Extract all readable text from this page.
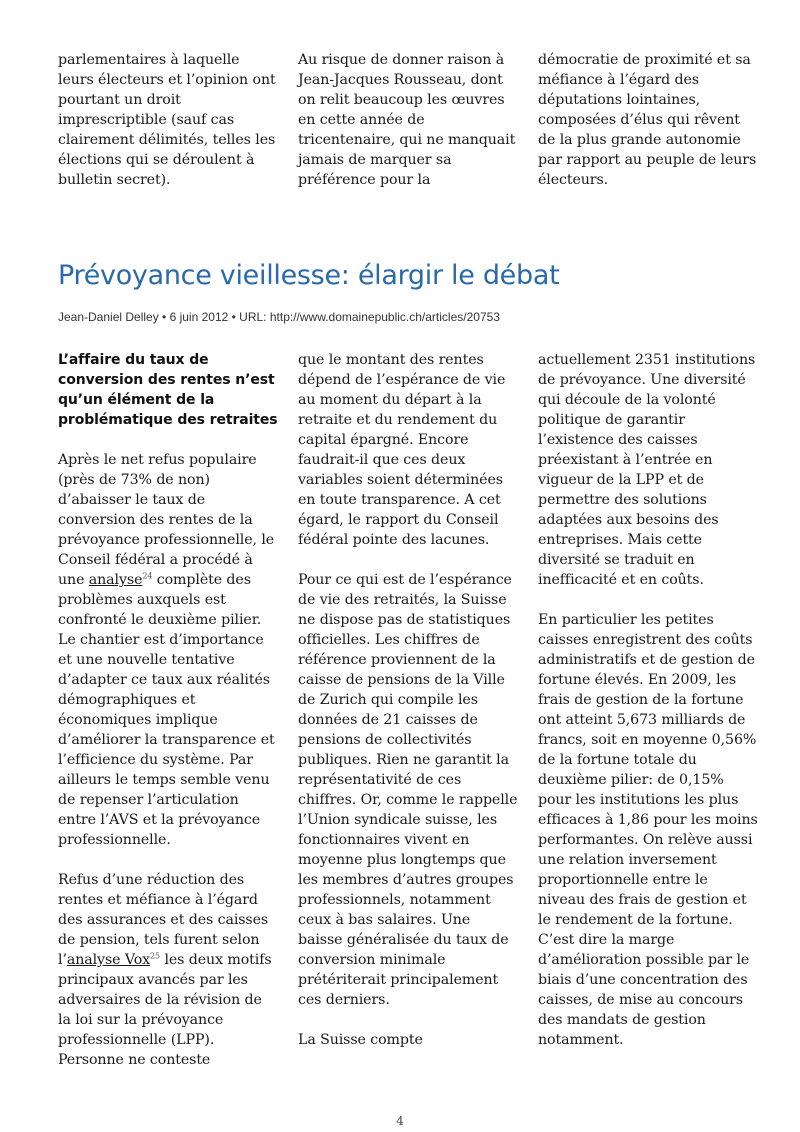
parlementaires à laquelle leurs électeurs et l’opinion ont pourtant un droit imprescriptible (sauf cas clairement délimités, telles les élections qui se déroulent à bulletin secret).

Au risque de donner raison à Jean-Jacques Rousseau, dont on relit beaucoup les œuvres en cette année de tricentenaire, qui ne manquait jamais de marquer sa préférence pour la

démocratie de proximité et sa méfiance à l’égard des députations lointaines, composées d’élus qui rêvent de la plus grande autonomie par rapport au peuple de leurs électeurs.

Prévoyance vieillesse: élargir le débat

Jean-Daniel Delley • 6 juin 2012 • URL: http://www.domainepublic.ch/articles/20753

L’affaire du taux de conversion des rentes n’est qu’un élément de la problématique des retraites

Après le net refus populaire (près de 73% de non) d’abaisser le taux de conversion des rentes de la prévoyance professionnelle, le Conseil fédéral a procédé à une analyse$^{24}$ complète des problèmes auxquels est confronté le deuxième pilier. Le chantier est d’importance et une nouvelle tentative d’adapter ce taux aux réalités démographiques et économiques implique d’améliorer la transparence et l’efficience du système. Par ailleurs le temps semble venu de repenser l’articulation entre l’AVS et la prévoyance professionnelle.

Refus d’une réduction des rentes et méfiance à l’égard des assurances et des caisses de pension, tels furent selon l’analyse Vox$^{25}$ les deux motifs principaux avancés par les adversaires de la révision de la loi sur la prévoyance professionnelle (LPP). Personne ne conteste

que le montant des rentes dépend de l’espérance de vie au moment du départ à la retraite et du rendement du capital épargné. Encore faudrait-il que ces deux variables soient déterminées en toute transparence. A cet égard, le rapport du Conseil fédéral pointe des lacunes.

Pour ce qui est de l’espérance de vie des retraités, la Suisse ne dispose pas de statistiques officielles. Les chiffres de référence proviennent de la caisse de pensions de la Ville de Zurich qui compile les données de 21 caisses de pensions de collectivités publiques. Rien ne garantit la représentativité de ces chiffres. Or, comme le rappelle l’Union syndicale suisse, les fonctionnaires vivent en moyenne plus longtemps que les membres d’autres groupes professionnels, notamment ceux à bas salaires. Une baisse généralisée du taux de conversion minimale prétériterait principalement ces derniers.

La Suisse compte

actuellement 2351 institutions de prévoyance. Une diversité qui découle de la volonté politique de garantir l’existence des caisses préexistant à l’entrée en vigueur de la LPP et de permettre des solutions adaptées aux besoins des entreprises. Mais cette diversité se traduit en inefficacité et en coûts.

En particulier les petites caisses enregistrent des coûts administratifs et de gestion de fortune élevés. En 2009, les frais de gestion de la fortune ont atteint 5,673 milliards de francs, soit en moyenne 0,56% de la fortune totale du deuxième pilier: de 0,15% pour les institutions les plus efficaces à 1,86 pour les moins performantes. On relève aussi une relation inversement proportionnelle entre le niveau des frais de gestion et le rendement de la fortune. C’est dire la marge d’amélioration possible par le biais d’une concentration des caisses, de mise au concours des mandats de gestion notamment.

4
